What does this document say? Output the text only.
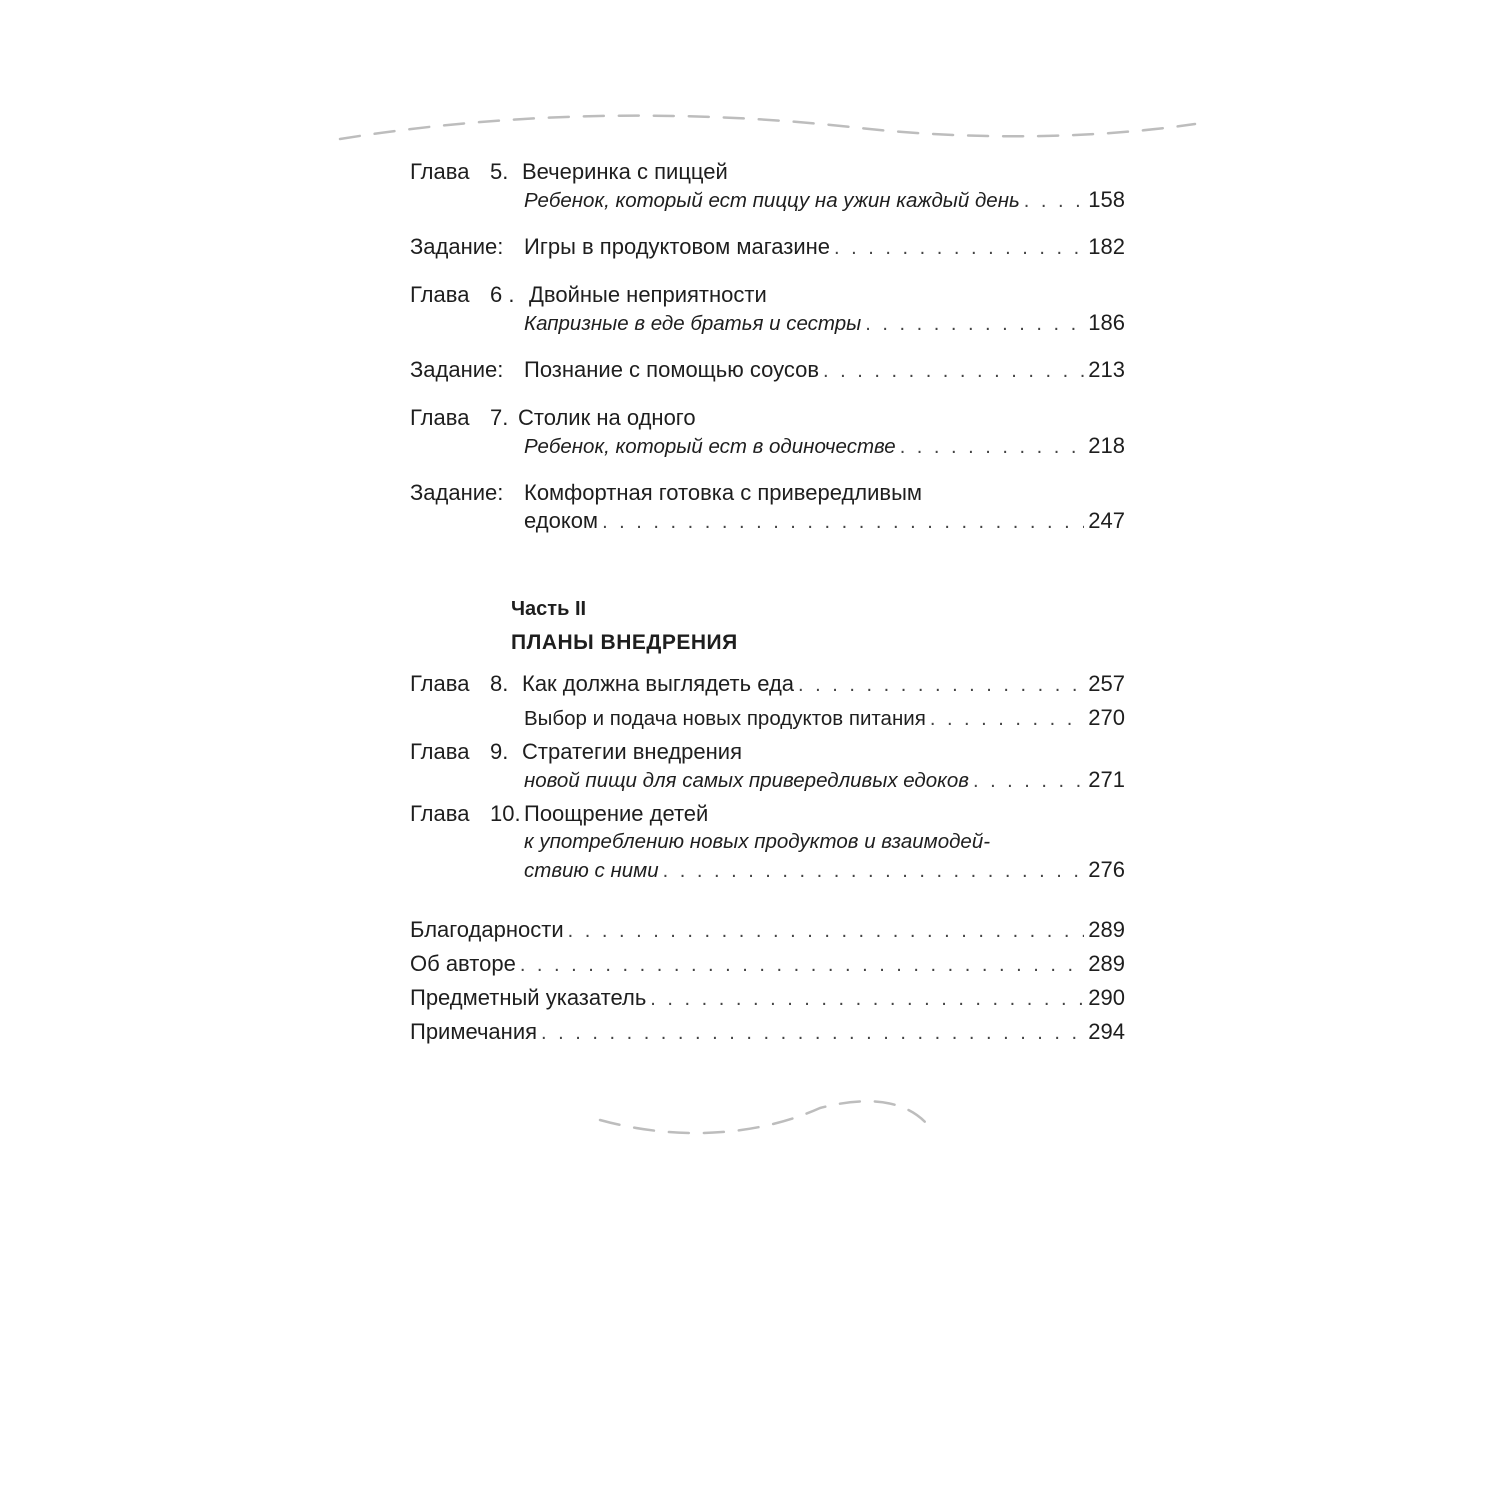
Глава 5. Вечеринка с пиццей
Ребенок, который ест пиццу на ужин каждый день . . .	158
Задание: Игры в продуктовом магазине . . .	182
Глава 6 . Двойные неприятности
Капризные в еде братья и сестры . . .	186
Задание: Познание с помощью соусов . . .	213
Глава 7. Столик на одного
Ребенок, который ест в одиночестве . . .	218
Задание: Комфортная готовка с привередливым
едоком . . .	247
Часть II
ПЛАНЫ ВНЕДРЕНИЯ
Глава 8. Как должна выглядеть еда . . .	257
Выбор и подача новых продуктов питания . . .	270
Глава 9. Стратегии внедрения
новой пищи для самых привередливых едоков . . .	271
Глава 10. Поощрение детей
к употреблению новых продуктов и взаимодей-
ствию с ними . . .	276
Благодарности . . .	289
Об авторе . . .	289
Предметный указатель . . .	290
Примечания . . .	294
